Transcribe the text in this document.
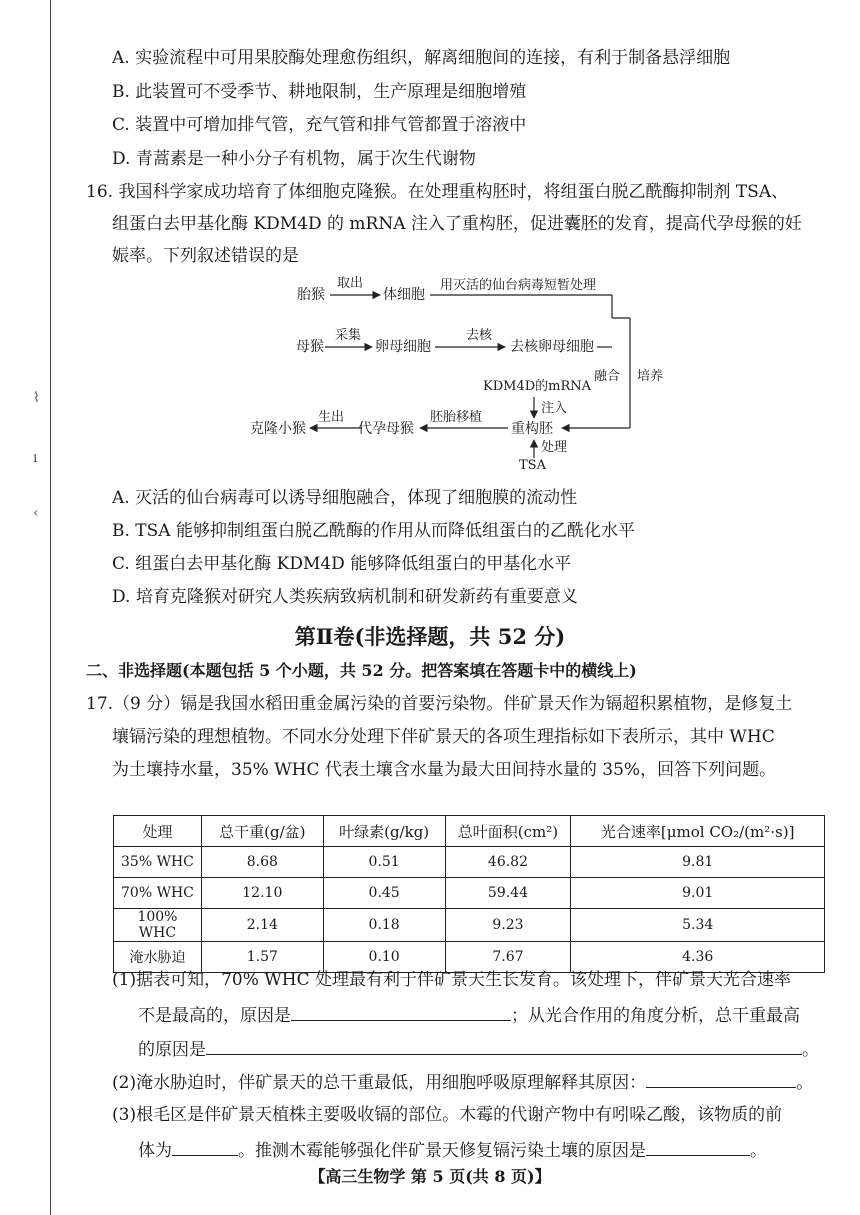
⌇
ı
‹
A. 实验流程中可用果胶酶处理愈伤组织，解离细胞间的连接，有利于制备悬浮细胞
B. 此装置可不受季节、耕地限制，生产原理是细胞增殖
C. 装置中可增加排气管，充气管和排气管都置于溶液中
D. 青蒿素是一种小分子有机物，属于次生代谢物
16. 我国科学家成功培育了体细胞克隆猴。在处理重构胚时，将组蛋白脱乙酰酶抑制剂 TSA、
组蛋白去甲基化酶 KDM4D 的 mRNA 注入了重构胚，促进囊胚的发育，提高代孕母猴的妊
娠率。下列叙述错误的是
胎猴
取出
体细胞
用灭活的仙台病毒短暂处理
母猴
采集
卵母细胞
去核
去核卵母细胞
融合 培养
KDM4D的mRNA
注入
重构胚
处理
TSA
胚胎移植
代孕母猴
生出
克隆小猴
A. 灭活的仙台病毒可以诱导细胞融合，体现了细胞膜的流动性
B. TSA 能够抑制组蛋白脱乙酰酶的作用从而降低组蛋白的乙酰化水平
C. 组蛋白去甲基化酶 KDM4D 能够降低组蛋白的甲基化水平
D. 培育克隆猴对研究人类疾病致病机制和研发新药有重要意义
第Ⅱ卷(非选择题，共 52 分)
二、非选择题(本题包括 5 个小题，共 52 分。把答案填在答题卡中的横线上)
17.（9 分）镉是我国水稻田重金属污染的首要污染物。伴矿景天作为镉超积累植物，是修复土
壤镉污染的理想植物。不同水分处理下伴矿景天的各项生理指标如下表所示，其中 WHC
为土壤持水量，35% WHC 代表土壤含水量为最大田间持水量的 35%，回答下列问题。
处理	总干重(g/盆)	叶绿素(g/kg)	总叶面积(cm²)	光合速率[μmol CO₂/(m²·s)]
35% WHC	8.68	0.51	46.82	9.81
70% WHC	12.10	0.45	59.44	9.01
100% WHC	2.14	0.18	9.23	5.34
淹水胁迫	1.57	0.10	7.67	4.36
(1)据表可知，70% WHC 处理最有利于伴矿景天生长发育。该处理下，伴矿景天光合速率
不是最高的，原因是	；从光合作用的角度分析，总干重最高
的原因是	。
(2)淹水胁迫时，伴矿景天的总干重最低，用细胞呼吸原理解释其原因：	。
(3)根毛区是伴矿景天植株主要吸收镉的部位。木霉的代谢产物中有吲哚乙酸，该物质的前
体为	。推测木霉能够强化伴矿景天修复镉污染土壤的原因是	。
【高三生物学 第 5 页(共 8 页)】
